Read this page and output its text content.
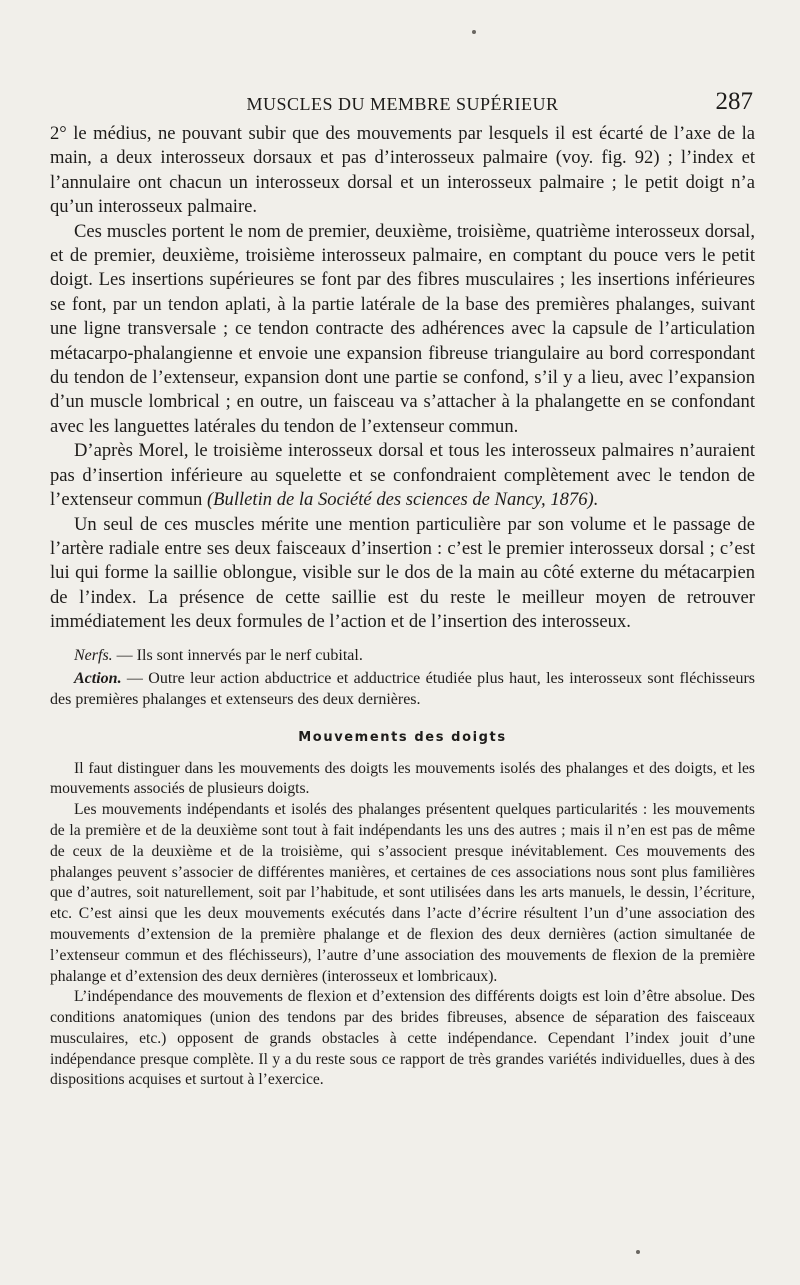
MUSCLES DU MEMBRE SUPÉRIEUR	287

2° le médius, ne pouvant subir que des mouvements par lesquels il est écarté de l’axe de la main, a deux interosseux dorsaux et pas d’interosseux palmaire (voy. fig. 92) ; l’index et l’annulaire ont chacun un interosseux dorsal et un interosseux palmaire ; le petit doigt n’a qu’un interosseux palmaire.

Ces muscles portent le nom de premier, deuxième, troisième, quatrième interosseux dorsal, et de premier, deuxième, troisième interosseux palmaire, en comptant du pouce vers le petit doigt. Les insertions supérieures se font par des fibres musculaires ; les insertions inférieures se font, par un tendon aplati, à la partie latérale de la base des premières phalanges, suivant une ligne transversale ; ce tendon contracte des adhérences avec la capsule de l’articulation métacarpo-phalangienne et envoie une expansion fibreuse triangulaire au bord correspondant du tendon de l’extenseur, expansion dont une partie se confond, s’il y a lieu, avec l’expansion d’un muscle lombrical ; en outre, un faisceau va s’attacher à la phalangette en se confondant avec les languettes latérales du tendon de l’extenseur commun.

D’après Morel, le troisième interosseux dorsal et tous les interosseux palmaires n’auraient pas d’insertion inférieure au squelette et se confondraient complètement avec le tendon de l’extenseur commun (Bulletin de la Société des sciences de Nancy, 1876).

Un seul de ces muscles mérite une mention particulière par son volume et le passage de l’artère radiale entre ses deux faisceaux d’insertion : c’est le premier interosseux dorsal ; c’est lui qui forme la saillie oblongue, visible sur le dos de la main au côté externe du métacarpien de l’index. La présence de cette saillie est du reste le meilleur moyen de retrouver immédiatement les deux formules de l’action et de l’insertion des interosseux.

Nerfs. — Ils sont innervés par le nerf cubital.

Action. — Outre leur action abductrice et adductrice étudiée plus haut, les interosseux sont fléchisseurs des premières phalanges et extenseurs des deux dernières.

Mouvements des doigts

Il faut distinguer dans les mouvements des doigts les mouvements isolés des phalanges et des doigts, et les mouvements associés de plusieurs doigts.

Les mouvements indépendants et isolés des phalanges présentent quelques particularités : les mouvements de la première et de la deuxième sont tout à fait indépendants les uns des autres ; mais il n’en est pas de même de ceux de la deuxième et de la troisième, qui s’associent presque inévitablement. Ces mouvements des phalanges peuvent s’associer de différentes manières, et certaines de ces associations nous sont plus familières que d’autres, soit naturellement, soit par l’habitude, et sont utilisées dans les arts manuels, le dessin, l’écriture, etc. C’est ainsi que les deux mouvements exécutés dans l’acte d’écrire résultent l’un d’une association des mouvements d’extension de la première phalange et de flexion des deux dernières (action simultanée de l’extenseur commun et des fléchisseurs), l’autre d’une association des mouvements de flexion de la première phalange et d’extension des deux dernières (interosseux et lombricaux).

L’indépendance des mouvements de flexion et d’extension des différents doigts est loin d’être absolue. Des conditions anatomiques (union des tendons par des brides fibreuses, absence de séparation des faisceaux musculaires, etc.) opposent de grands obstacles à cette indépendance. Cependant l’index jouit d’une indépendance presque complète. Il y a du reste sous ce rapport de très grandes variétés individuelles, dues à des dispositions acquises et surtout à l’exercice.
